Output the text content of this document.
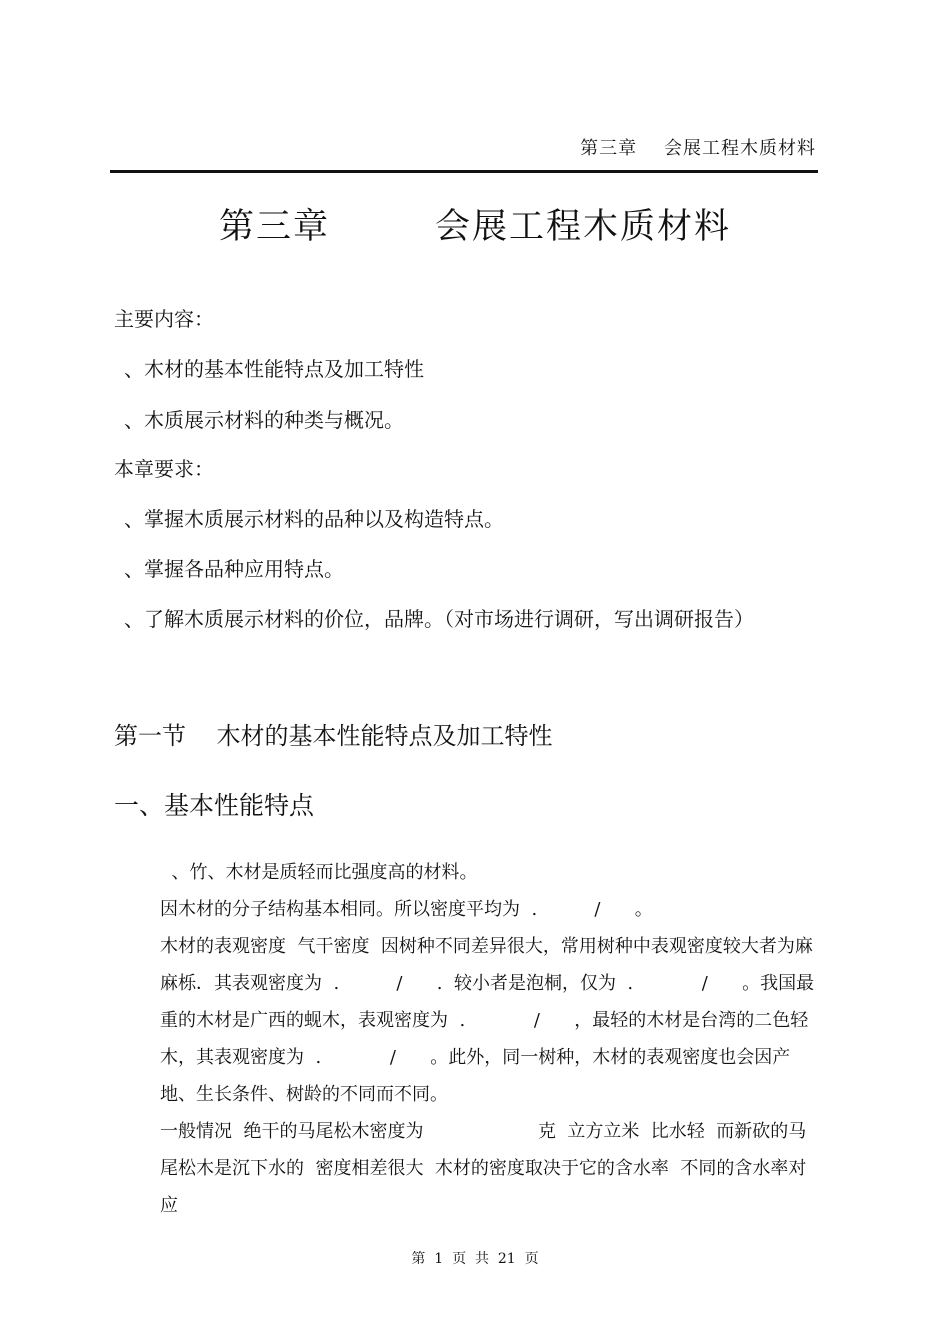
第三章    会展工程木质材料
第三章        会展工程木质材料
主要内容：
、木材的基本性能特点及加工特性
、木质展示材料的种类与概况。
本章要求：
、掌握木质展示材料的品种以及构造特点。
、掌握各品种应用特点。
、了解木质展示材料的价位，品牌。（对市场进行调研，写出调研报告）
第一节    木材的基本性能特点及加工特性
一、基本性能特点

、竹、木材是质轻而比强度高的材料。

因木材的分子结构基本相同。所以密度平均为  .          /      。

木材的表观密度  气干密度  因树种不同差异很大，常用树种中表观密度较大者为麻麻栎．其表观密度为  .          /      .  较小者是泡桐，仅为  .            /      。我国最重的木材是广西的蚬木，表观密度为  .            /      ，最轻的木材是台湾的二色轻木，其表观密度为  .            /      。此外，同一树种，木材的表观密度也会因产地、生长条件、树龄的不同而不同。

一般情况  绝干的马尾松木密度为                    克  立方立米  比水轻  而新砍的马尾松木是沉下水的  密度相差很大  木材的密度取决于它的含水率  不同的含水率对应

第  1  页  共  21  页
